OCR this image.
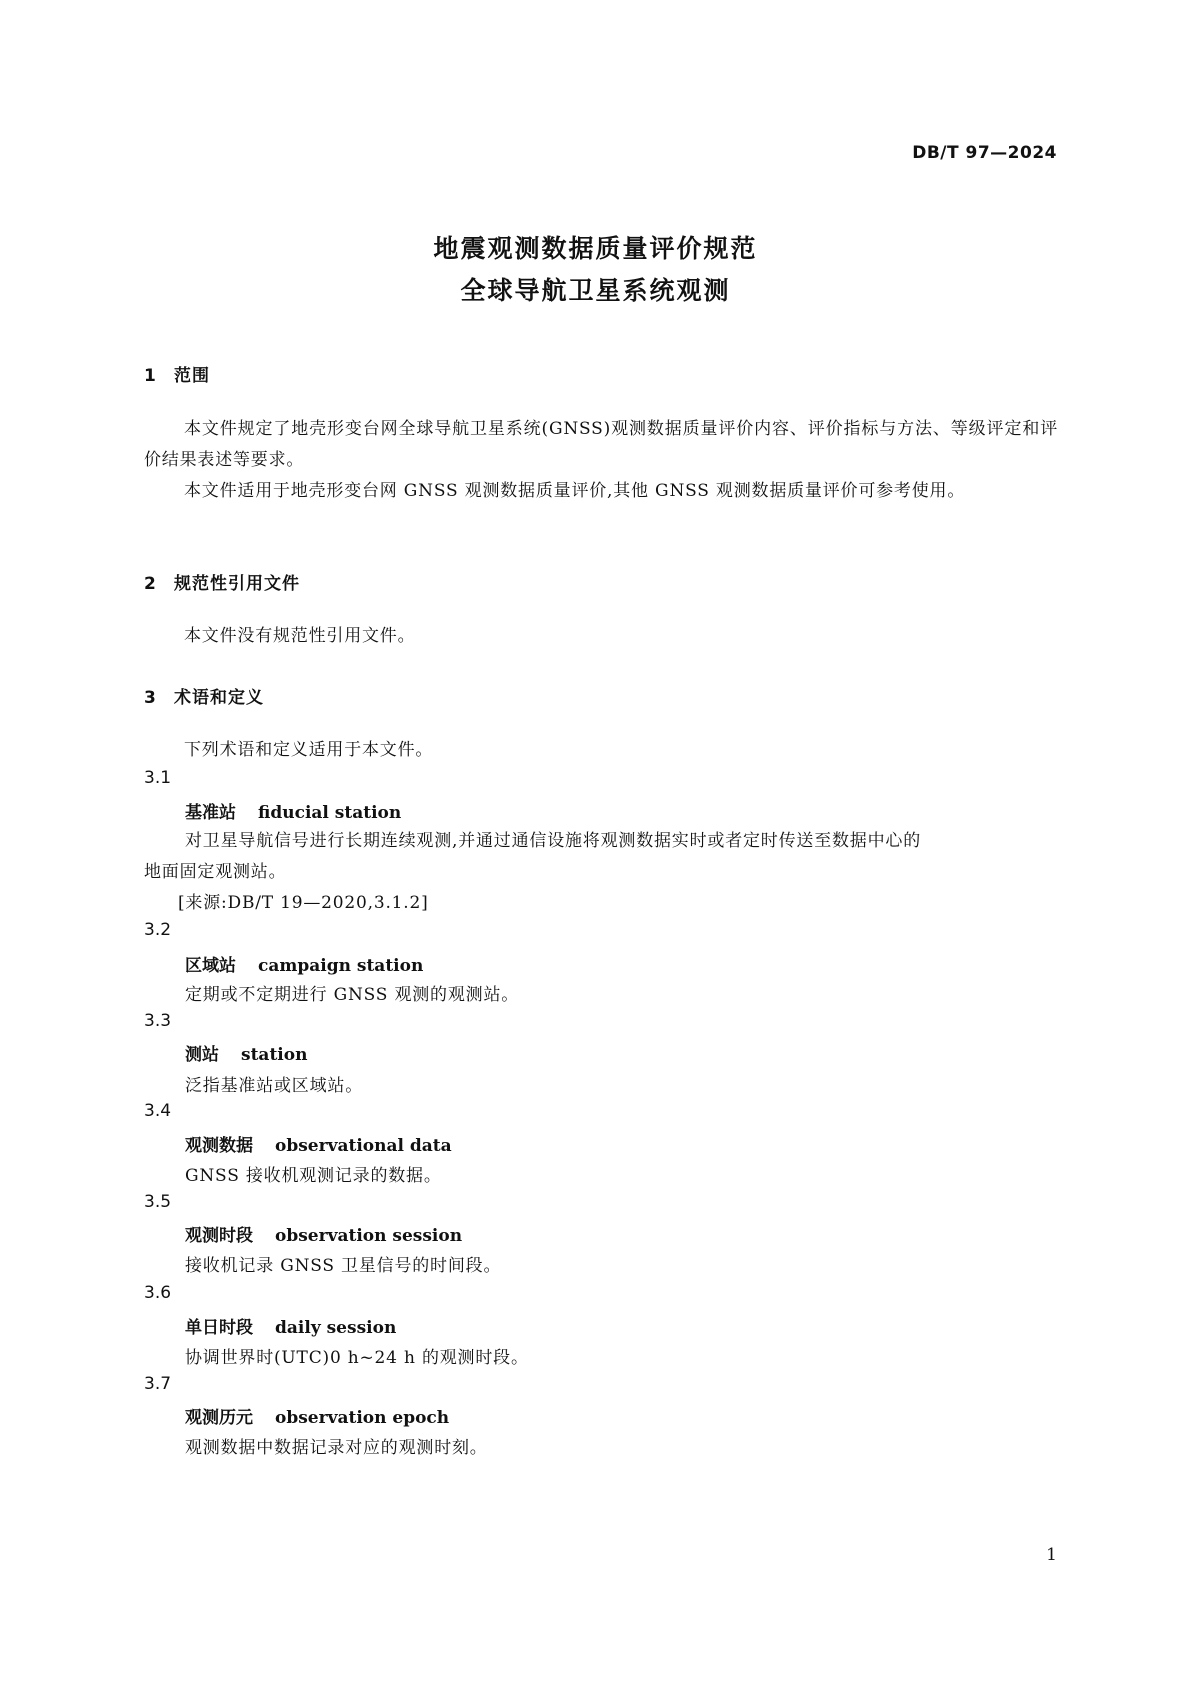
DB/T 97—2024
地震观测数据质量评价规范
全球导航卫星系统观测
1 范围
本文件规定了地壳形变台网全球导航卫星系统(GNSS)观测数据质量评价内容、评价指标与方法、等级评定和评价结果表述等要求。
本文件适用于地壳形变台网 GNSS 观测数据质量评价,其他 GNSS 观测数据质量评价可参考使用。
2 规范性引用文件
本文件没有规范性引用文件。
3 术语和定义
下列术语和定义适用于本文件。
3.1
基准站 fiducial station
对卫星导航信号进行长期连续观测,并通过通信设施将观测数据实时或者定时传送至数据中心的
地面固定观测站。
[来源:DB/T 19—2020,3.1.2]
3.2
区域站 campaign station
定期或不定期进行 GNSS 观测的观测站。
3.3
测站 station
泛指基准站或区域站。
3.4
观测数据 observational data
GNSS 接收机观测记录的数据。
3.5
观测时段 observation session
接收机记录 GNSS 卫星信号的时间段。
3.6
单日时段 daily session
协调世界时(UTC)0 h~24 h 的观测时段。
3.7
观测历元 observation epoch
观测数据中数据记录对应的观测时刻。
1
